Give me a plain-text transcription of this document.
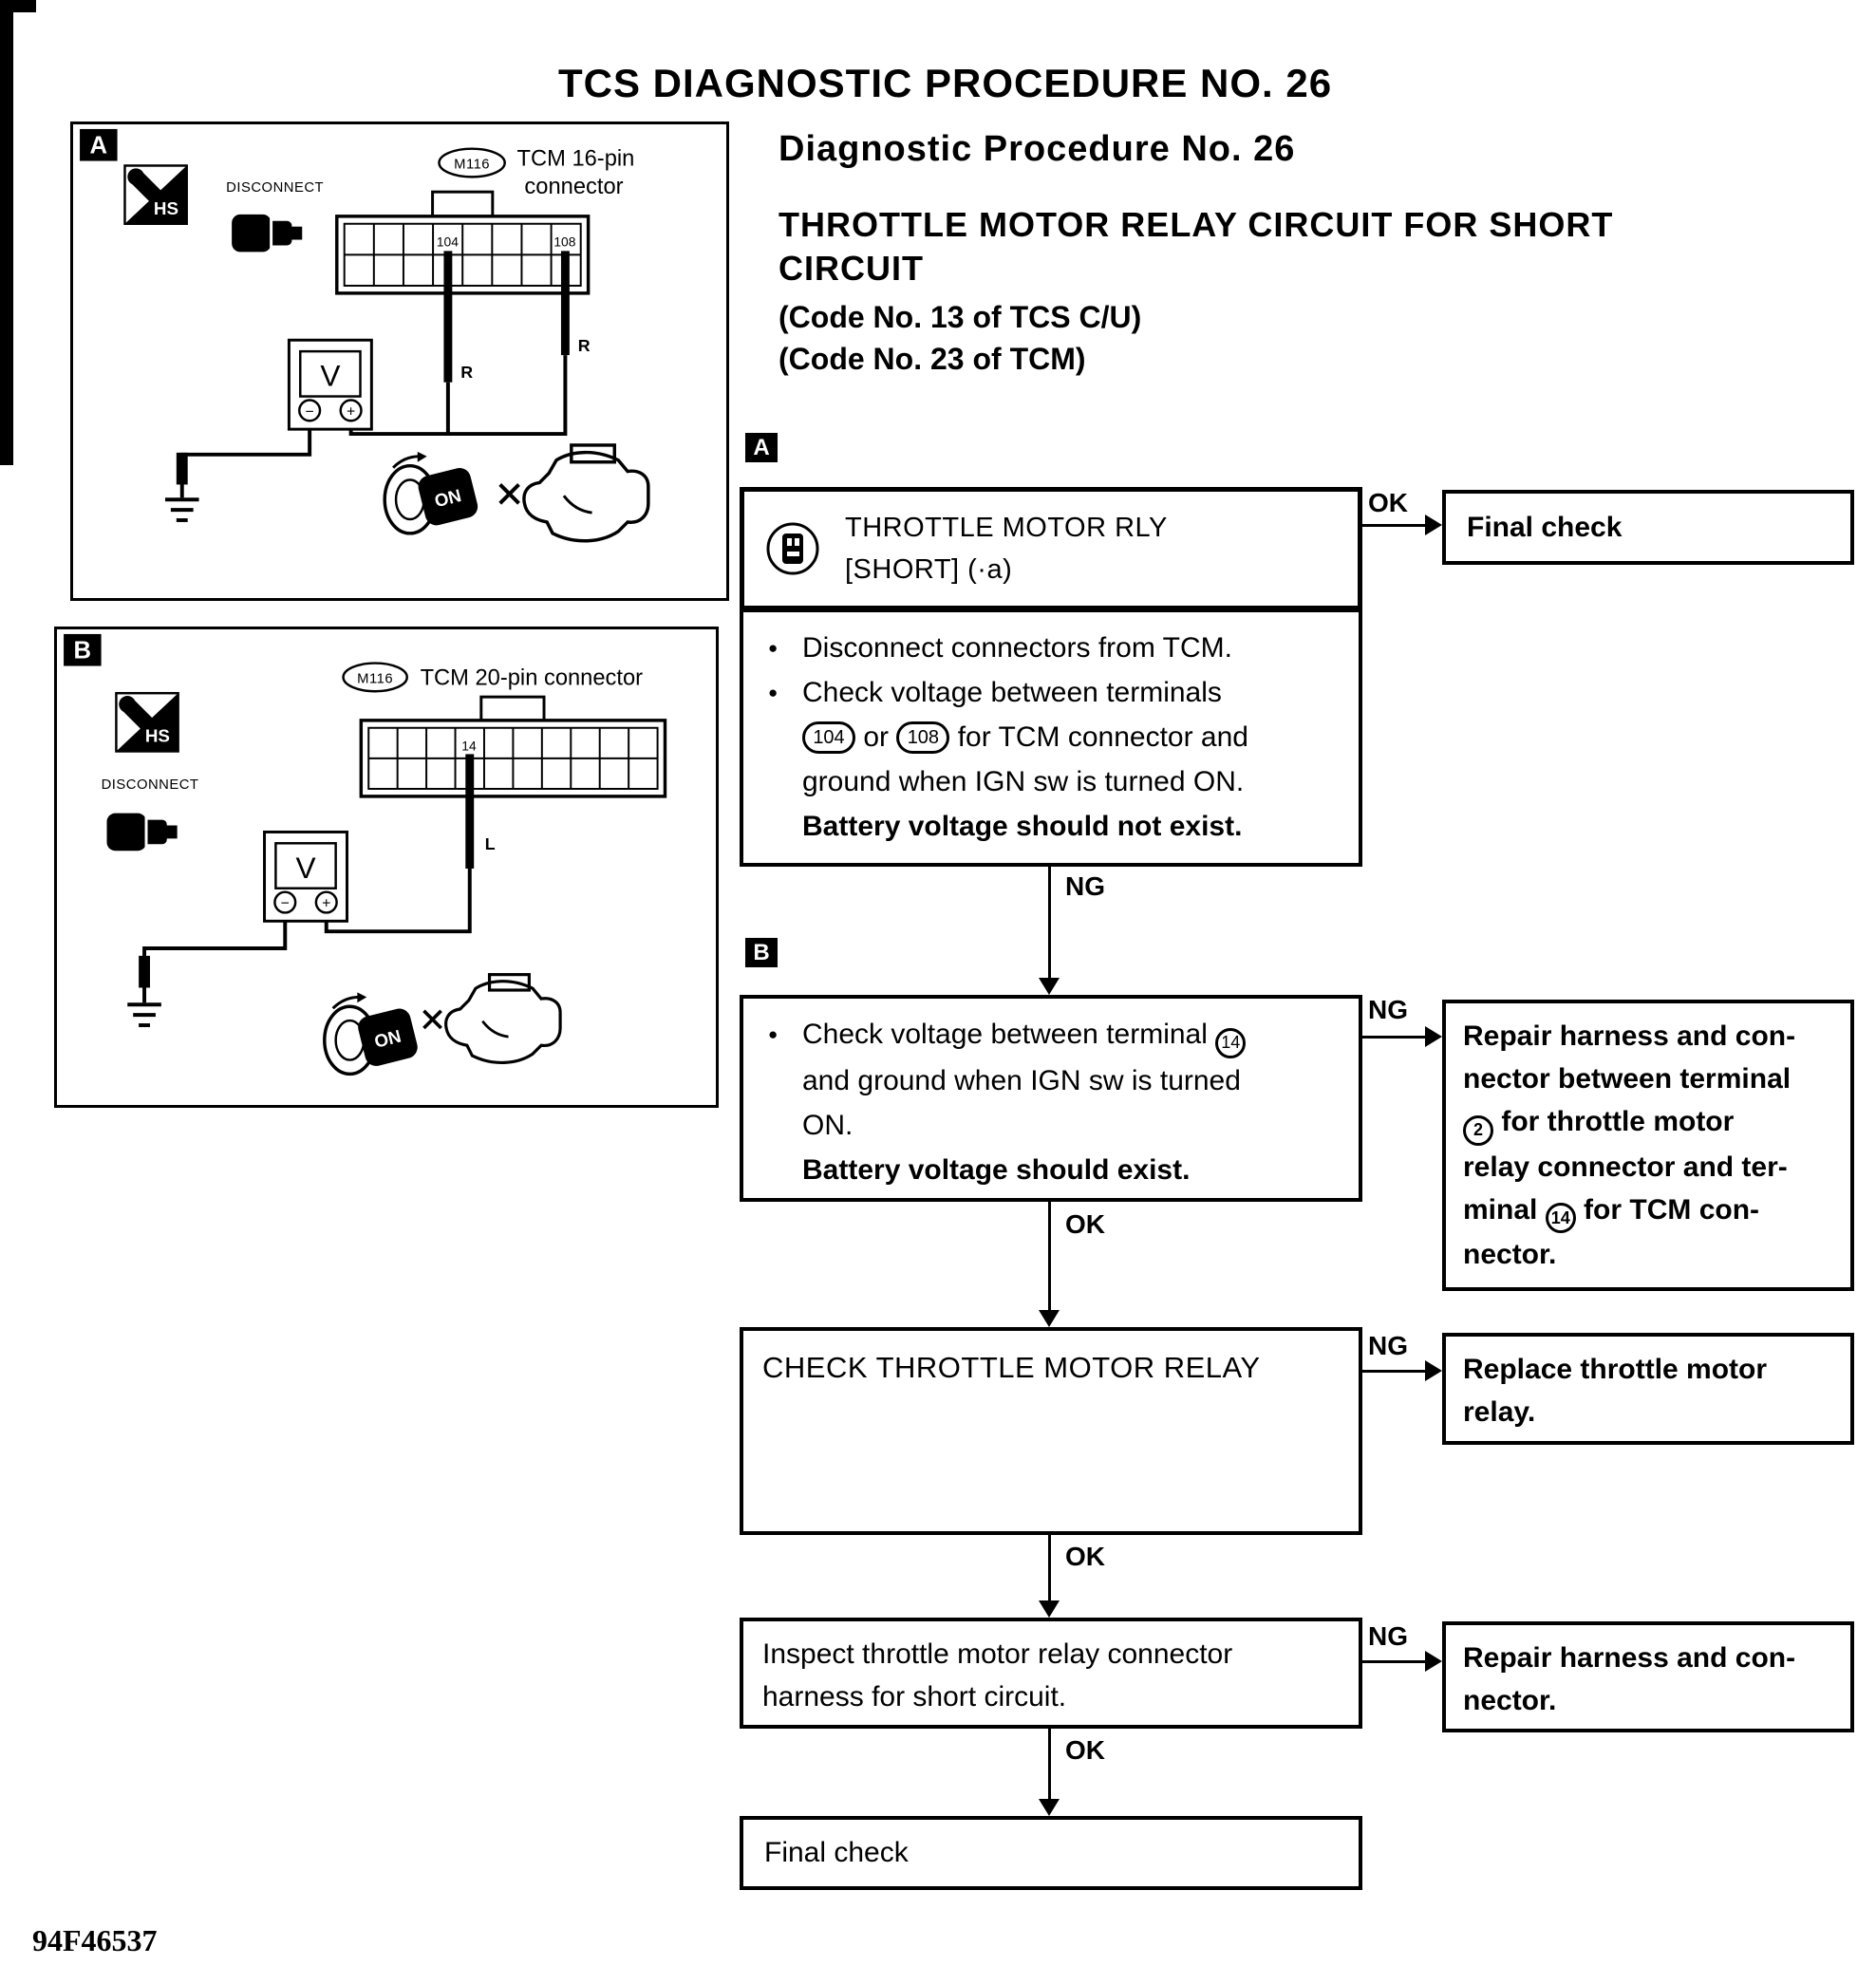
TCS DIAGNOSTIC PROCEDURE NO. 26
A
HS
DISCONNECT
M116 TCM 16-pin
connector
104	108
V
− +
R
R
ON
B
M116 TCM 20-pin connector
HS
DISCONNECT
14
V
− +
L
ON
Diagnostic Procedure No. 26
THROTTLE MOTOR RELAY CIRCUIT FOR SHORT
CIRCUIT
(Code No. 13 of TCS C/U)
(Code No. 23 of TCM)
A
THROTTLE MOTOR RLY
[SHORT] (·a)
● Disconnect connectors from TCM.
● Check voltage between terminals
104 or 108 for TCM connector and
ground when IGN sw is turned ON.
Battery voltage should not exist.
OK
Final check
NG
B
● Check voltage between terminal 14
and ground when IGN sw is turned
ON.
Battery voltage should exist.
NG
Repair harness and con-
nector between terminal
2 for throttle motor
relay connector and ter-
minal 14 for TCM con-
nector.
OK
CHECK THROTTLE MOTOR RELAY
NG
Replace throttle motor
relay.
OK
Inspect throttle motor relay connector
harness for short circuit.
NG
Repair harness and con-
nector.
OK
Final check
94F46537
